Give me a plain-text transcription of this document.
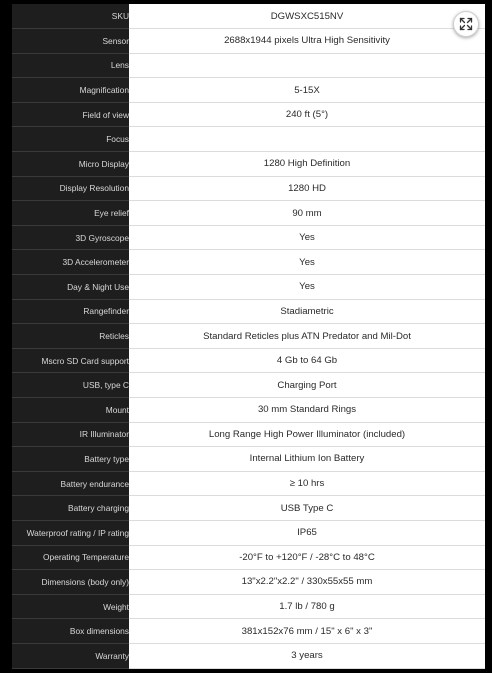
SKU	DGWSXC515NV
Sensor	2688x1944 pixels Ultra High Sensitivity
Lens	
Magnification	5-15X
Field of view	240 ft (5°)
Focus	
Micro Display	1280 High Definition
Display Resolution	1280 HD
Eye relief	90 mm
3D Gyroscope	Yes
3D Accelerometer	Yes
Day & Night Use	Yes
Rangefinder	Stadiametric
Reticles	Standard Reticles plus ATN Predator and Mil-Dot
Mscro SD Card support	4 Gb to 64 Gb
USB, type C	Charging Port
Mount	30 mm Standard Rings
IR Illuminator	Long Range High Power Illuminator (included)
Battery type	Internal Lithium Ion Battery
Battery endurance	≥ 10 hrs
Battery charging	USB Type C
Waterproof rating / IP rating	IP65
Operating Temperature	-20°F to +120°F / -28°C to 48°C
Dimensions (body only)	13"x2.2"x2.2" / 330x55x55 mm
Weight	1.7 lb / 780 g
Box dimensions	381x152x76 mm / 15" x 6" x 3"
Warranty	3 years
